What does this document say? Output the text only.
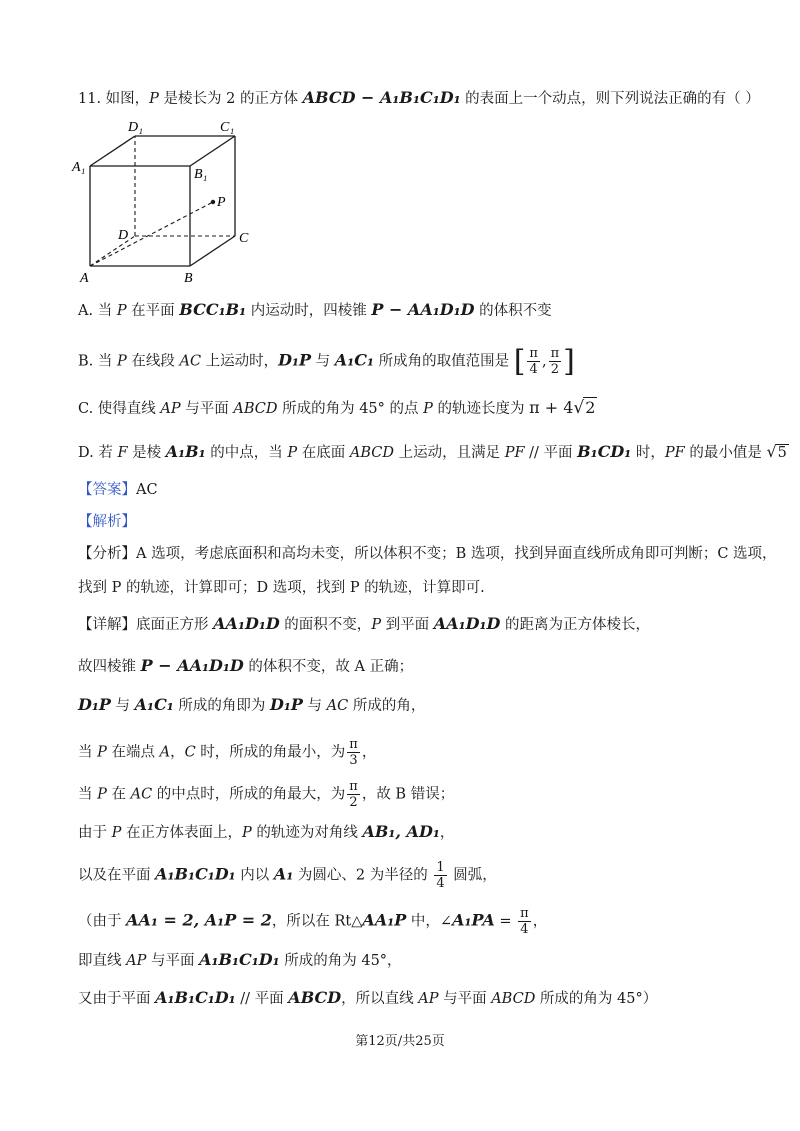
11. 如图，P 是棱长为 2 的正方体 ABCD − A₁B₁C₁D₁ 的表面上一个动点，则下列说法正确的有（ ）
A	B
C
D
A₁	B₁
C₁
D₁
P
A. 当 P 在平面 BCC₁B₁ 内运动时，四棱锥 P − AA₁D₁D 的体积不变
B. 当 P 在线段 AC 上运动时，D₁P 与 A₁C₁ 所成角的取值范围是 [ $\frac{\pi}{4}$ , $\frac{\pi}{2}$ ]
C. 使得直线 AP 与平面 ABCD 所成的角为 45° 的点 P 的轨迹长度为 π + 4√2
D. 若 F 是棱 A₁B₁ 的中点，当 P 在底面 ABCD 上运动，且满足 PF // 平面 B₁CD₁ 时，PF 的最小值是 √5
【答案】AC
【解析】
【分析】A 选项，考虑底面积和高均未变，所以体积不变；B 选项，找到异面直线所成角即可判断；C 选项，
找到 P 的轨迹，计算即可；D 选项，找到 P 的轨迹，计算即可.
【详解】底面正方形 AA₁D₁D 的面积不变，P 到平面 AA₁D₁D 的距离为正方体棱长，
故四棱锥 P − AA₁D₁D 的体积不变，故 A 正确；
D₁P 与 A₁C₁ 所成的角即为 D₁P 与 AC 所成的角，
当 P 在端点 A，C 时，所成的角最小，为 $\frac{\pi}{3}$ ，
当 P 在 AC 的中点时，所成的角最大，为 $\frac{\pi}{2}$ ，故 B 错误；
由于 P 在正方体表面上，P 的轨迹为对角线 AB₁, AD₁，
以及在平面 A₁B₁C₁D₁ 内以 A₁ 为圆心、2 为半径的 $\frac{1}{4}$ 圆弧，
（由于 AA₁ = 2, A₁P = 2，所以在 Rt△AA₁P 中，∠A₁PA = $\frac{\pi}{4}$ ，
即直线 AP 与平面 A₁B₁C₁D₁ 所成的角为 45°，
又由于平面 A₁B₁C₁D₁ // 平面 ABCD，所以直线 AP 与平面 ABCD 所成的角为 45°）
第12页/共25页
